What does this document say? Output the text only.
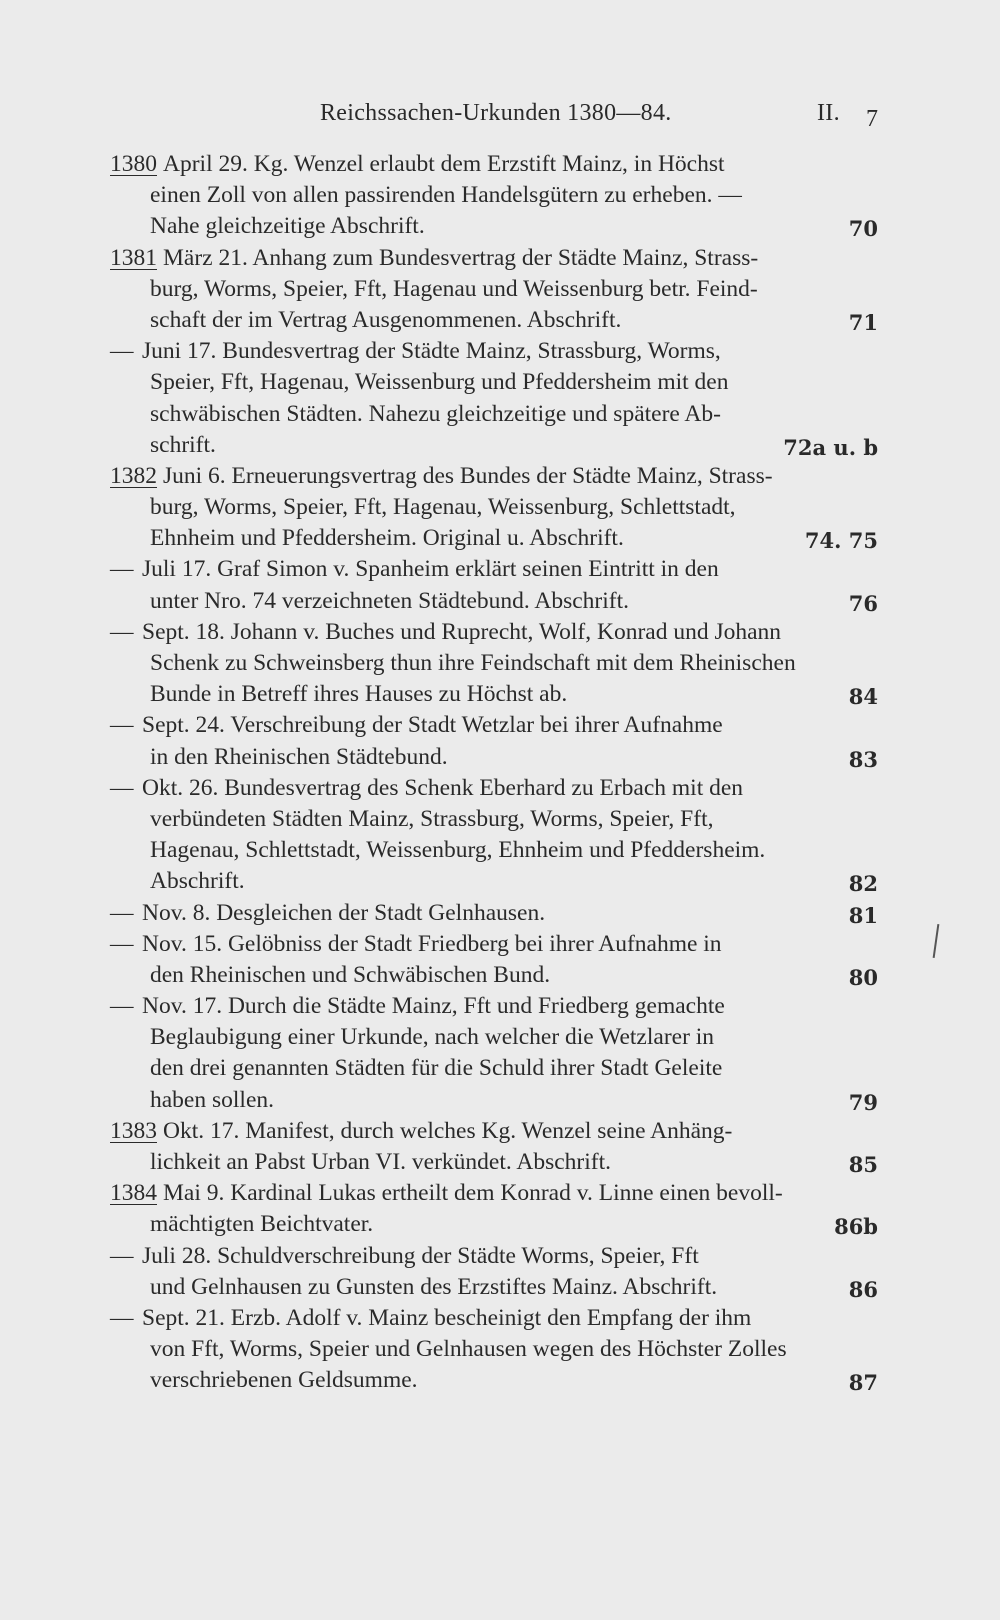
Reichssachen-Urkunden 1380—84.	II. 7
1380 April 29. Kg. Wenzel erlaubt dem Erzstift Mainz, in Höchst
einen Zoll von allen passirenden Handelsgütern zu erheben. —
Nahe gleichzeitige Abschrift.	70
1381 März 21. Anhang zum Bundesvertrag der Städte Mainz, Strass-
burg, Worms, Speier, Fft, Hagenau und Weissenburg betr. Feind-
schaft der im Vertrag Ausgenommenen. Abschrift.	71
— Juni 17. Bundesvertrag der Städte Mainz, Strassburg, Worms,
Speier, Fft, Hagenau, Weissenburg und Pfeddersheim mit den
schwäbischen Städten. Nahezu gleichzeitige und spätere Ab-
schrift.	72a u. b
1382 Juni 6. Erneuerungsvertrag des Bundes der Städte Mainz, Strass-
burg, Worms, Speier, Fft, Hagenau, Weissenburg, Schlettstadt,
Ehnheim und Pfeddersheim. Original u. Abschrift.	74. 75
— Juli 17. Graf Simon v. Spanheim erklärt seinen Eintritt in den
unter Nro. 74 verzeichneten Städtebund. Abschrift.	76
— Sept. 18. Johann v. Buches und Ruprecht, Wolf, Konrad und Johann
Schenk zu Schweinsberg thun ihre Feindschaft mit dem Rheinischen
Bunde in Betreff ihres Hauses zu Höchst ab.	84
— Sept. 24. Verschreibung der Stadt Wetzlar bei ihrer Aufnahme
in den Rheinischen Städtebund.	83
— Okt. 26. Bundesvertrag des Schenk Eberhard zu Erbach mit den
verbündeten Städten Mainz, Strassburg, Worms, Speier, Fft,
Hagenau, Schlettstadt, Weissenburg, Ehnheim und Pfeddersheim.
Abschrift.	82
— Nov. 8. Desgleichen der Stadt Gelnhausen.	81
— Nov. 15. Gelöbniss der Stadt Friedberg bei ihrer Aufnahme in
den Rheinischen und Schwäbischen Bund.	80
— Nov. 17. Durch die Städte Mainz, Fft und Friedberg gemachte
Beglaubigung einer Urkunde, nach welcher die Wetzlarer in
den drei genannten Städten für die Schuld ihrer Stadt Geleite
haben sollen.	79
1383 Okt. 17. Manifest, durch welches Kg. Wenzel seine Anhäng-
lichkeit an Pabst Urban VI. verkündet. Abschrift.	85
1384 Mai 9. Kardinal Lukas ertheilt dem Konrad v. Linne einen bevoll-
mächtigten Beichtvater.	86b
— Juli 28. Schuldverschreibung der Städte Worms, Speier, Fft
und Gelnhausen zu Gunsten des Erzstiftes Mainz. Abschrift.	86
— Sept. 21. Erzb. Adolf v. Mainz bescheinigt den Empfang der ihm
von Fft, Worms, Speier und Gelnhausen wegen des Höchster Zolles
verschriebenen Geldsumme.	87
